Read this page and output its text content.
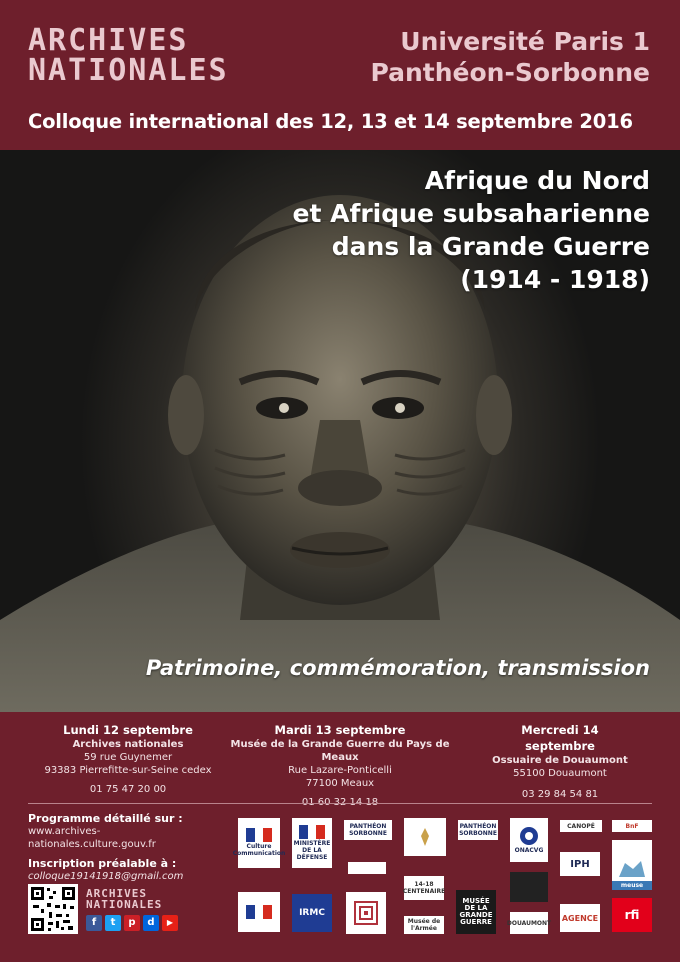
ARCHIVES
NATIONALES
Université Paris 1
Panthéon-Sorbonne
Colloque international des 12, 13 et 14 septembre 2016
Afrique du Nord
et Afrique subsaharienne
dans la Grande Guerre
(1914 - 1918)
Patrimoine, commémoration, transmission
Lundi 12 septembre
Archives nationales
59 rue Guynemer
93383 Pierrefitte-sur-Seine cedex
01 75 47 20 00
Mardi 13 septembre
Musée de la Grande Guerre du Pays de Meaux
Rue Lazare-Ponticelli
77100 Meaux
Mercredi 14 septembre
Ossuaire de Douaumont
55100 Douaumont
03 29 84 54 81
Programme détaillé sur :
www.archives-nationales.culture.gouv.fr
Inscription préalable à :
colloque19141918@gmail.com
ARCHIVES
NATIONALES
f	t	p	d	▶
Culture Communication
MINISTÈRE DE LA DÉFENSE
PANTHÉON SORBONNE
PANTHÉON SORBONNE
ONACVG
CANOPÉ	BnF
IPH
meuse
IRMC
14-18 CENTENAIRE
Musée de l'Armée
MUSÉE DE LA GRANDE GUERRE	DOUAUMONT
AGENCE rfi
